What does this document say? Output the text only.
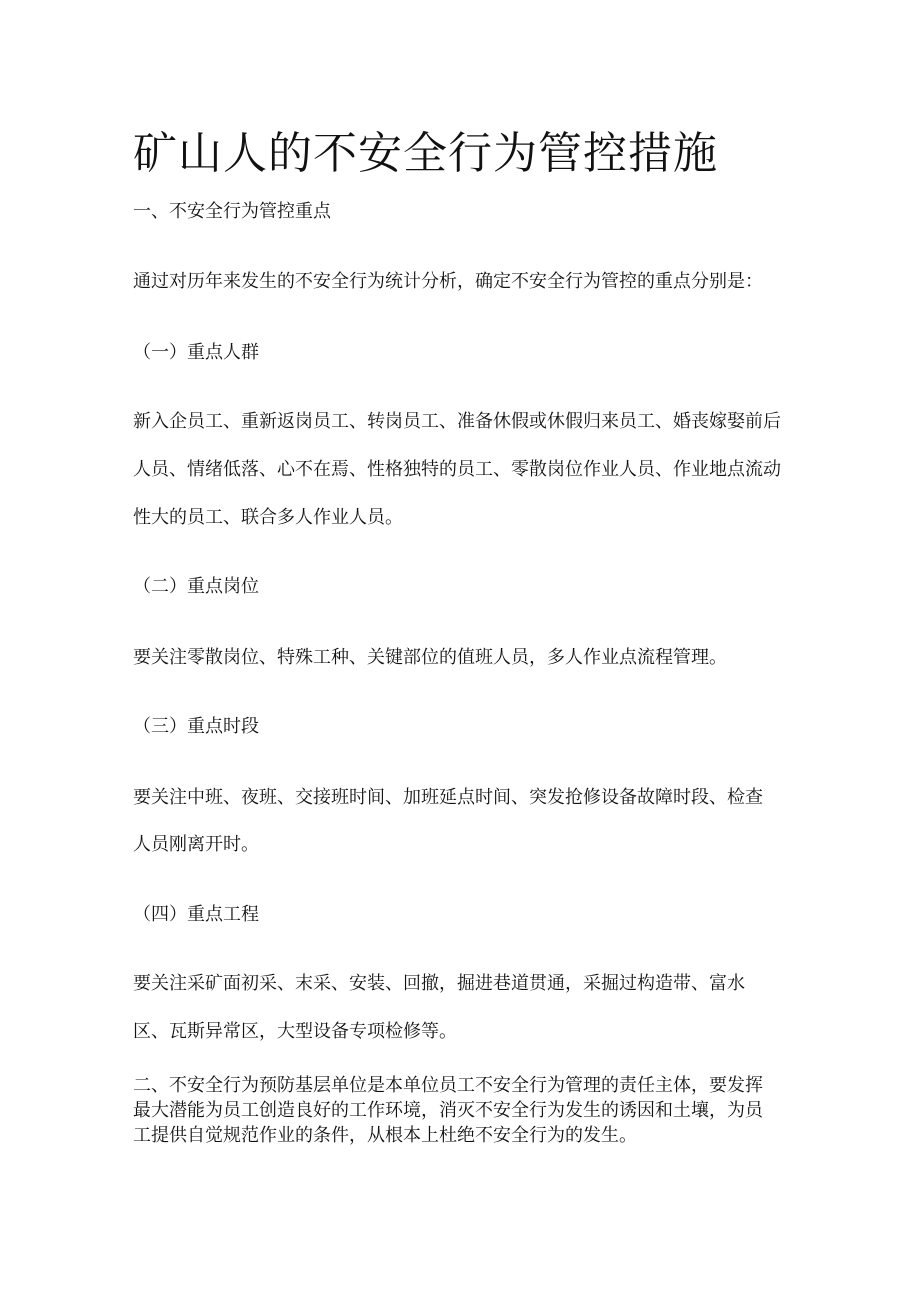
矿山人的不安全行为管控措施
一、不安全行为管控重点
通过对历年来发生的不安全行为统计分析，确定不安全行为管控的重点分别是：
（一）重点人群
新入企员工、重新返岗员工、转岗员工、准备休假或休假归来员工、婚丧嫁娶前后
人员、情绪低落、心不在焉、性格独特的员工、零散岗位作业人员、作业地点流动
性大的员工、联合多人作业人员。
（二）重点岗位
要关注零散岗位、特殊工种、关键部位的值班人员，多人作业点流程管理。
（三）重点时段
要关注中班、夜班、交接班时间、加班延点时间、突发抢修设备故障时段、检查
人员刚离开时。
（四）重点工程
要关注采矿面初采、末采、安装、回撤，掘进巷道贯通，采掘过构造带、富水
区、瓦斯异常区，大型设备专项检修等。
二、不安全行为预防基层单位是本单位员工不安全行为管理的责任主体，要发挥
最大潜能为员工创造良好的工作环境，消灭不安全行为发生的诱因和土壤，为员
工提供自觉规范作业的条件，从根本上杜绝不安全行为的发生。
